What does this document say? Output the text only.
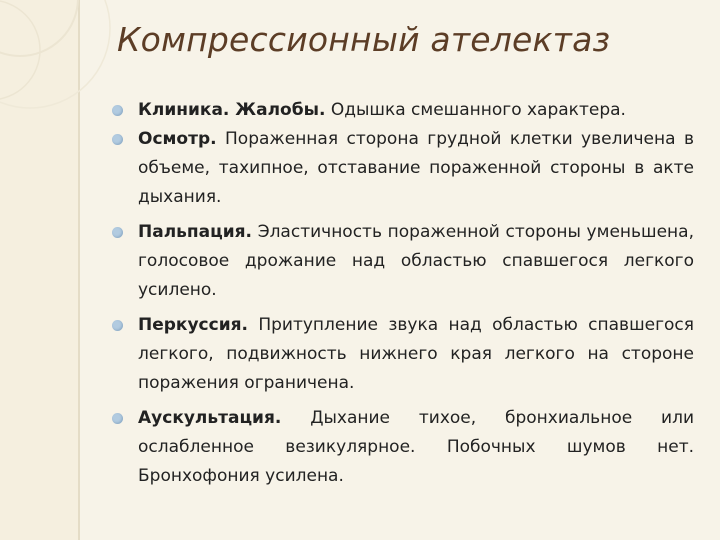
Компрессионный ателектаз
Клиника. Жалобы. Одышка смешанного характера.
Осмотр. Пораженная сторона грудной клетки увеличена в объеме, тахипное, отставание пораженной стороны в акте дыхания.
Пальпация. Эластичность пораженной стороны уменьшена, голосовое дрожание над областью спавшегося легкого усилено.
Перкуссия. Притупление звука над областью спавшегося легкого, подвижность нижнего края легкого на стороне поражения ограничена.
Аускультация. Дыхание тихое, бронхиальное или ослабленное везикулярное. Побочных шумов нет. Бронхофония усилена.
